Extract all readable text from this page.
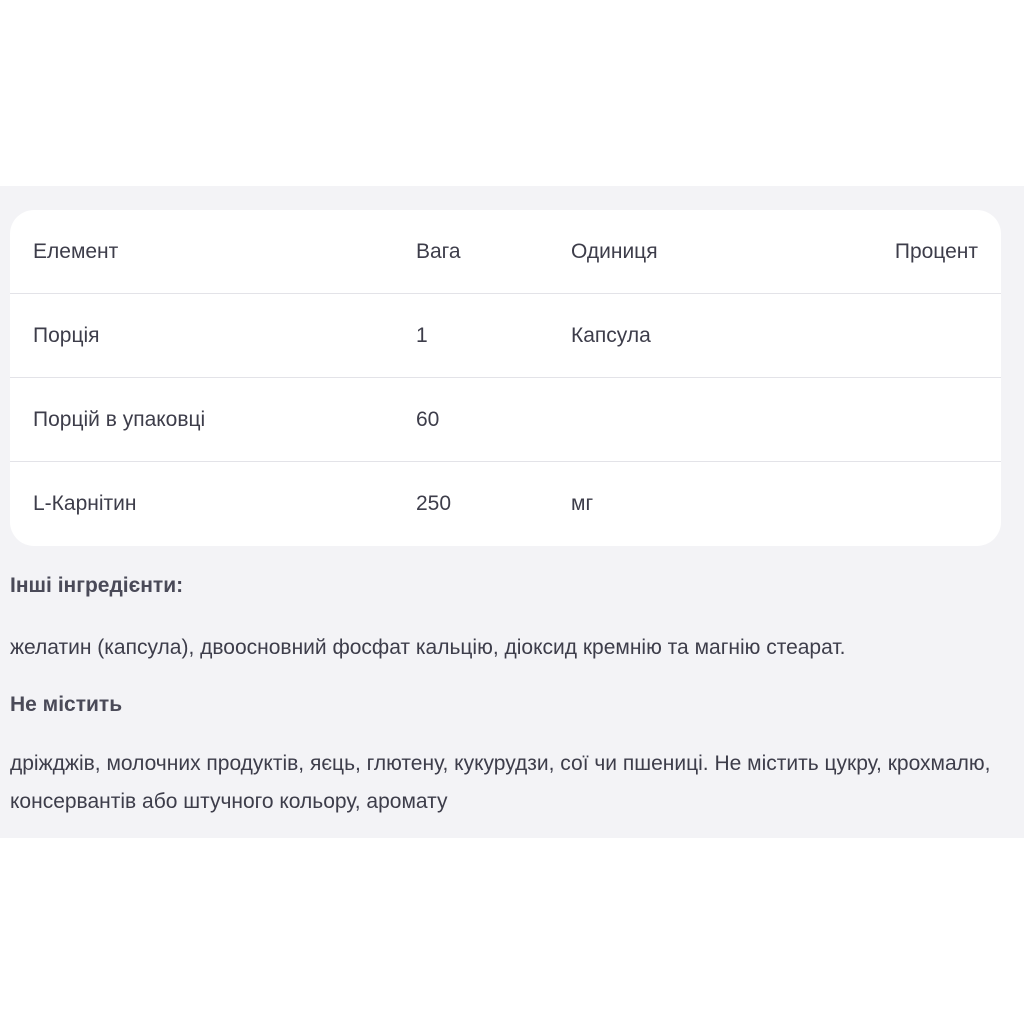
Елемент	Вага	Одиниця	Процент
Порція	1	Капсула
Порцій в упаковці	60
L-Карнітин	250	мг

Інші інгредієнти:

желатин (капсула), двоосновний фосфат кальцію, діоксид кремнію та магнію стеарат.

Не містить

дріжджів, молочних продуктів, яєць, глютену, кукурудзи, сої чи пшениці. Не містить цукру, крохмалю, консервантів або штучного кольору, аромату
